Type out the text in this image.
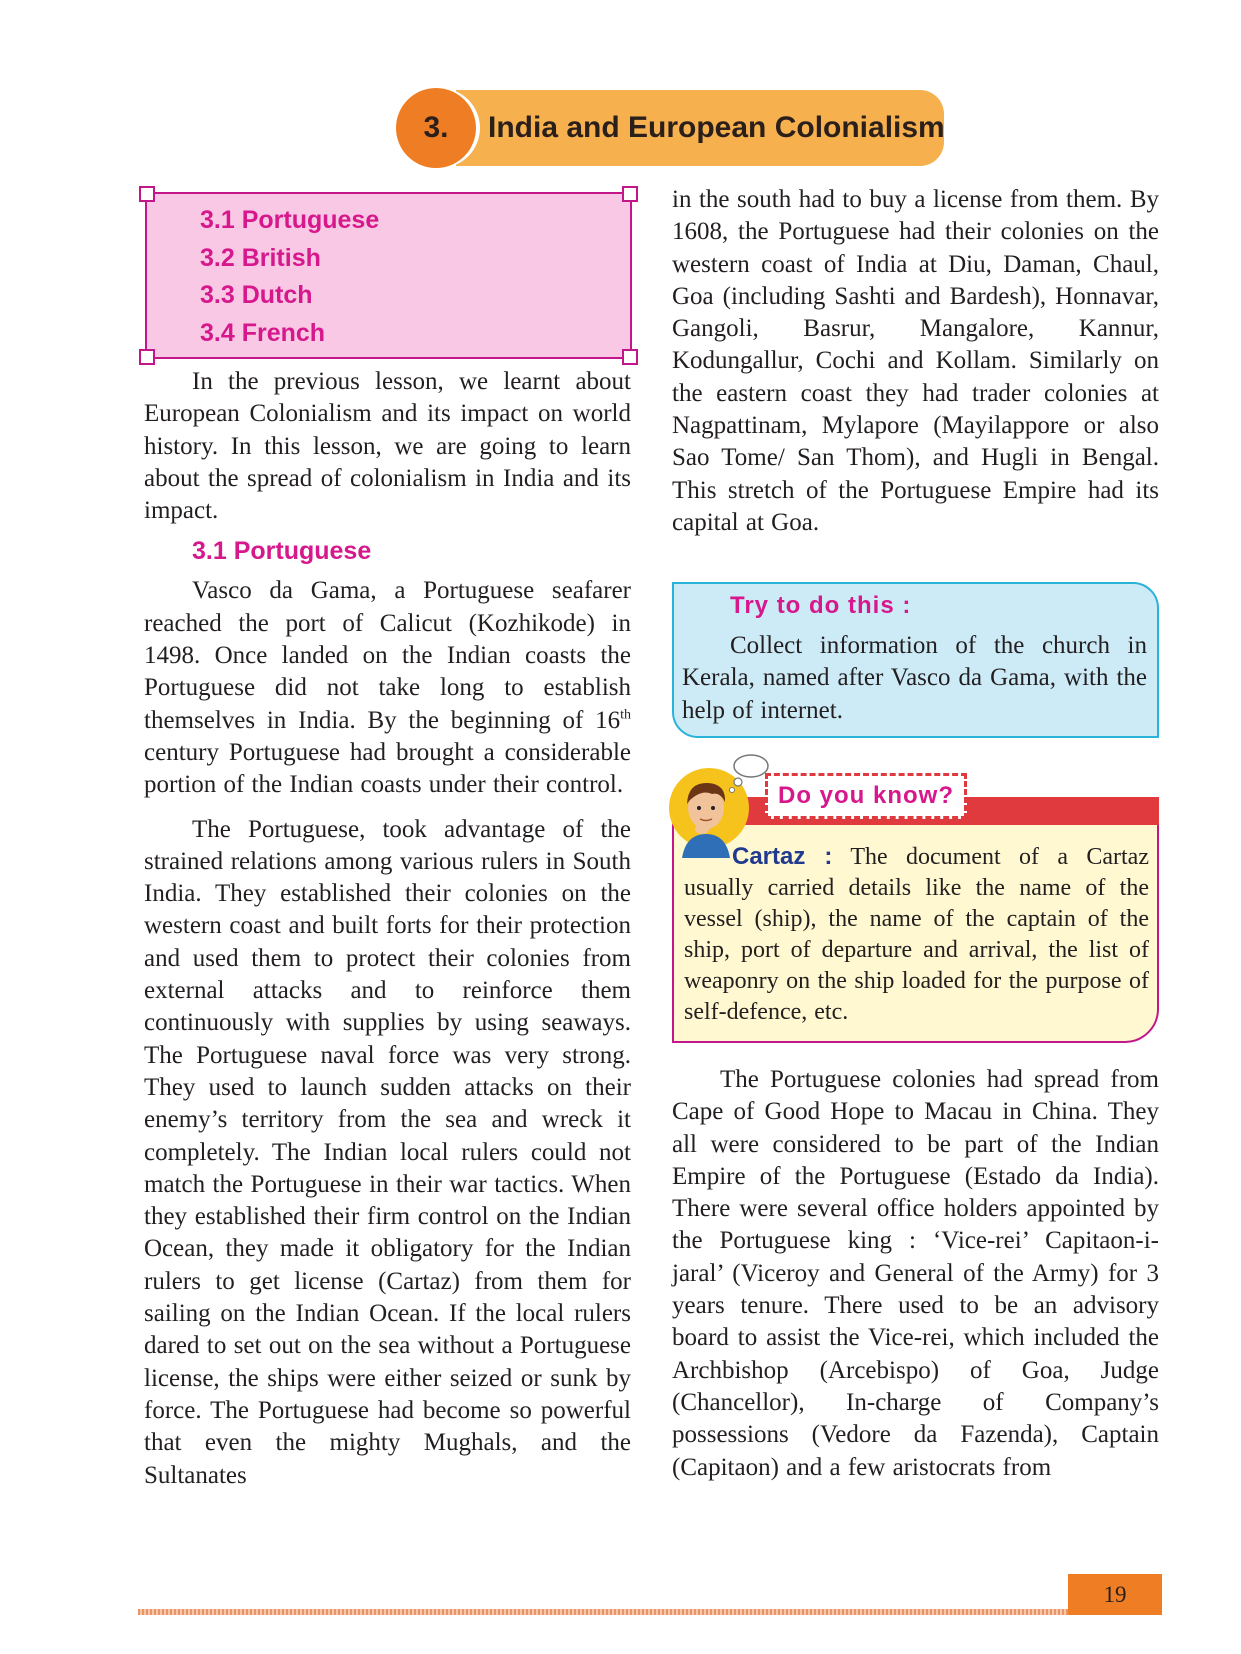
3.	India and European Colonialism
3.1 Portuguese
3.2 British
3.3 Dutch
3.4 French

In the previous lesson, we learnt about European Colonialism and its impact on world history. In this lesson, we are going to learn about the spread of colonialism in India and its impact.

3.1 Portuguese

Vasco da Gama, a Portuguese seafarer reached the port of Calicut (Kozhikode) in 1498. Once landed on the Indian coasts the Portuguese did not take long to establish themselves in India. By the beginning of 16th century Portuguese had brought a considerable portion of the Indian coasts under their control.

The Portuguese, took advantage of the strained relations among various rulers in South India. They established their colonies on the western coast and built forts for their protection and used them to protect their colonies from external attacks and to reinforce them continuously with supplies by using seaways. The Portuguese naval force was very strong. They used to launch sudden attacks on their enemy’s territory from the sea and wreck it completely. The Indian local rulers could not match the Portuguese in their war tactics. When they established their firm control on the Indian Ocean, they made it obligatory for the Indian rulers to get license (Cartaz) from them for sailing on the Indian Ocean. If the local rulers dared to set out on the sea without a Portuguese license, the ships were either seized or sunk by force. The Portuguese had become so powerful that even the mighty Mughals, and the Sultanates

in the south had to buy a license from them. By 1608, the Portuguese had their colonies on the western coast of India at Diu, Daman, Chaul, Goa (including Sashti and Bardesh), Honnavar, Gangoli, Basrur, Mangalore, Kannur, Kodungallur, Cochi and Kollam. Similarly on the eastern coast they had trader colonies at Nagpattinam, Mylapore (Mayilappore or also Sao Tome/ San Thom), and Hugli in Bengal. This stretch of the Portuguese Empire had its capital at Goa.

Try to do this :

Collect information of the church in Kerala, named after Vasco da Gama, with the help of internet.

Do you know?

Cartaz : The document of a Cartaz usually carried details like the name of the vessel (ship), the name of the captain of the ship, port of departure and arrival, the list of weaponry on the ship loaded for the purpose of self-defence, etc.

The Portuguese colonies had spread from Cape of Good Hope to Macau in China. They all were considered to be part of the Indian Empire of the Portuguese (Estado da India). There were several office holders appointed by the Portuguese king : ‘Vice-rei’ Capitaon-i-jaral’ (Viceroy and General of the Army) for 3 years tenure. There used to be an advisory board to assist the Vice-rei, which included the Archbishop (Arcebispo) of Goa, Judge (Chancellor), In-charge of Company’s possessions (Vedore da Fazenda), Captain (Capitaon) and a few aristocrats from

19
